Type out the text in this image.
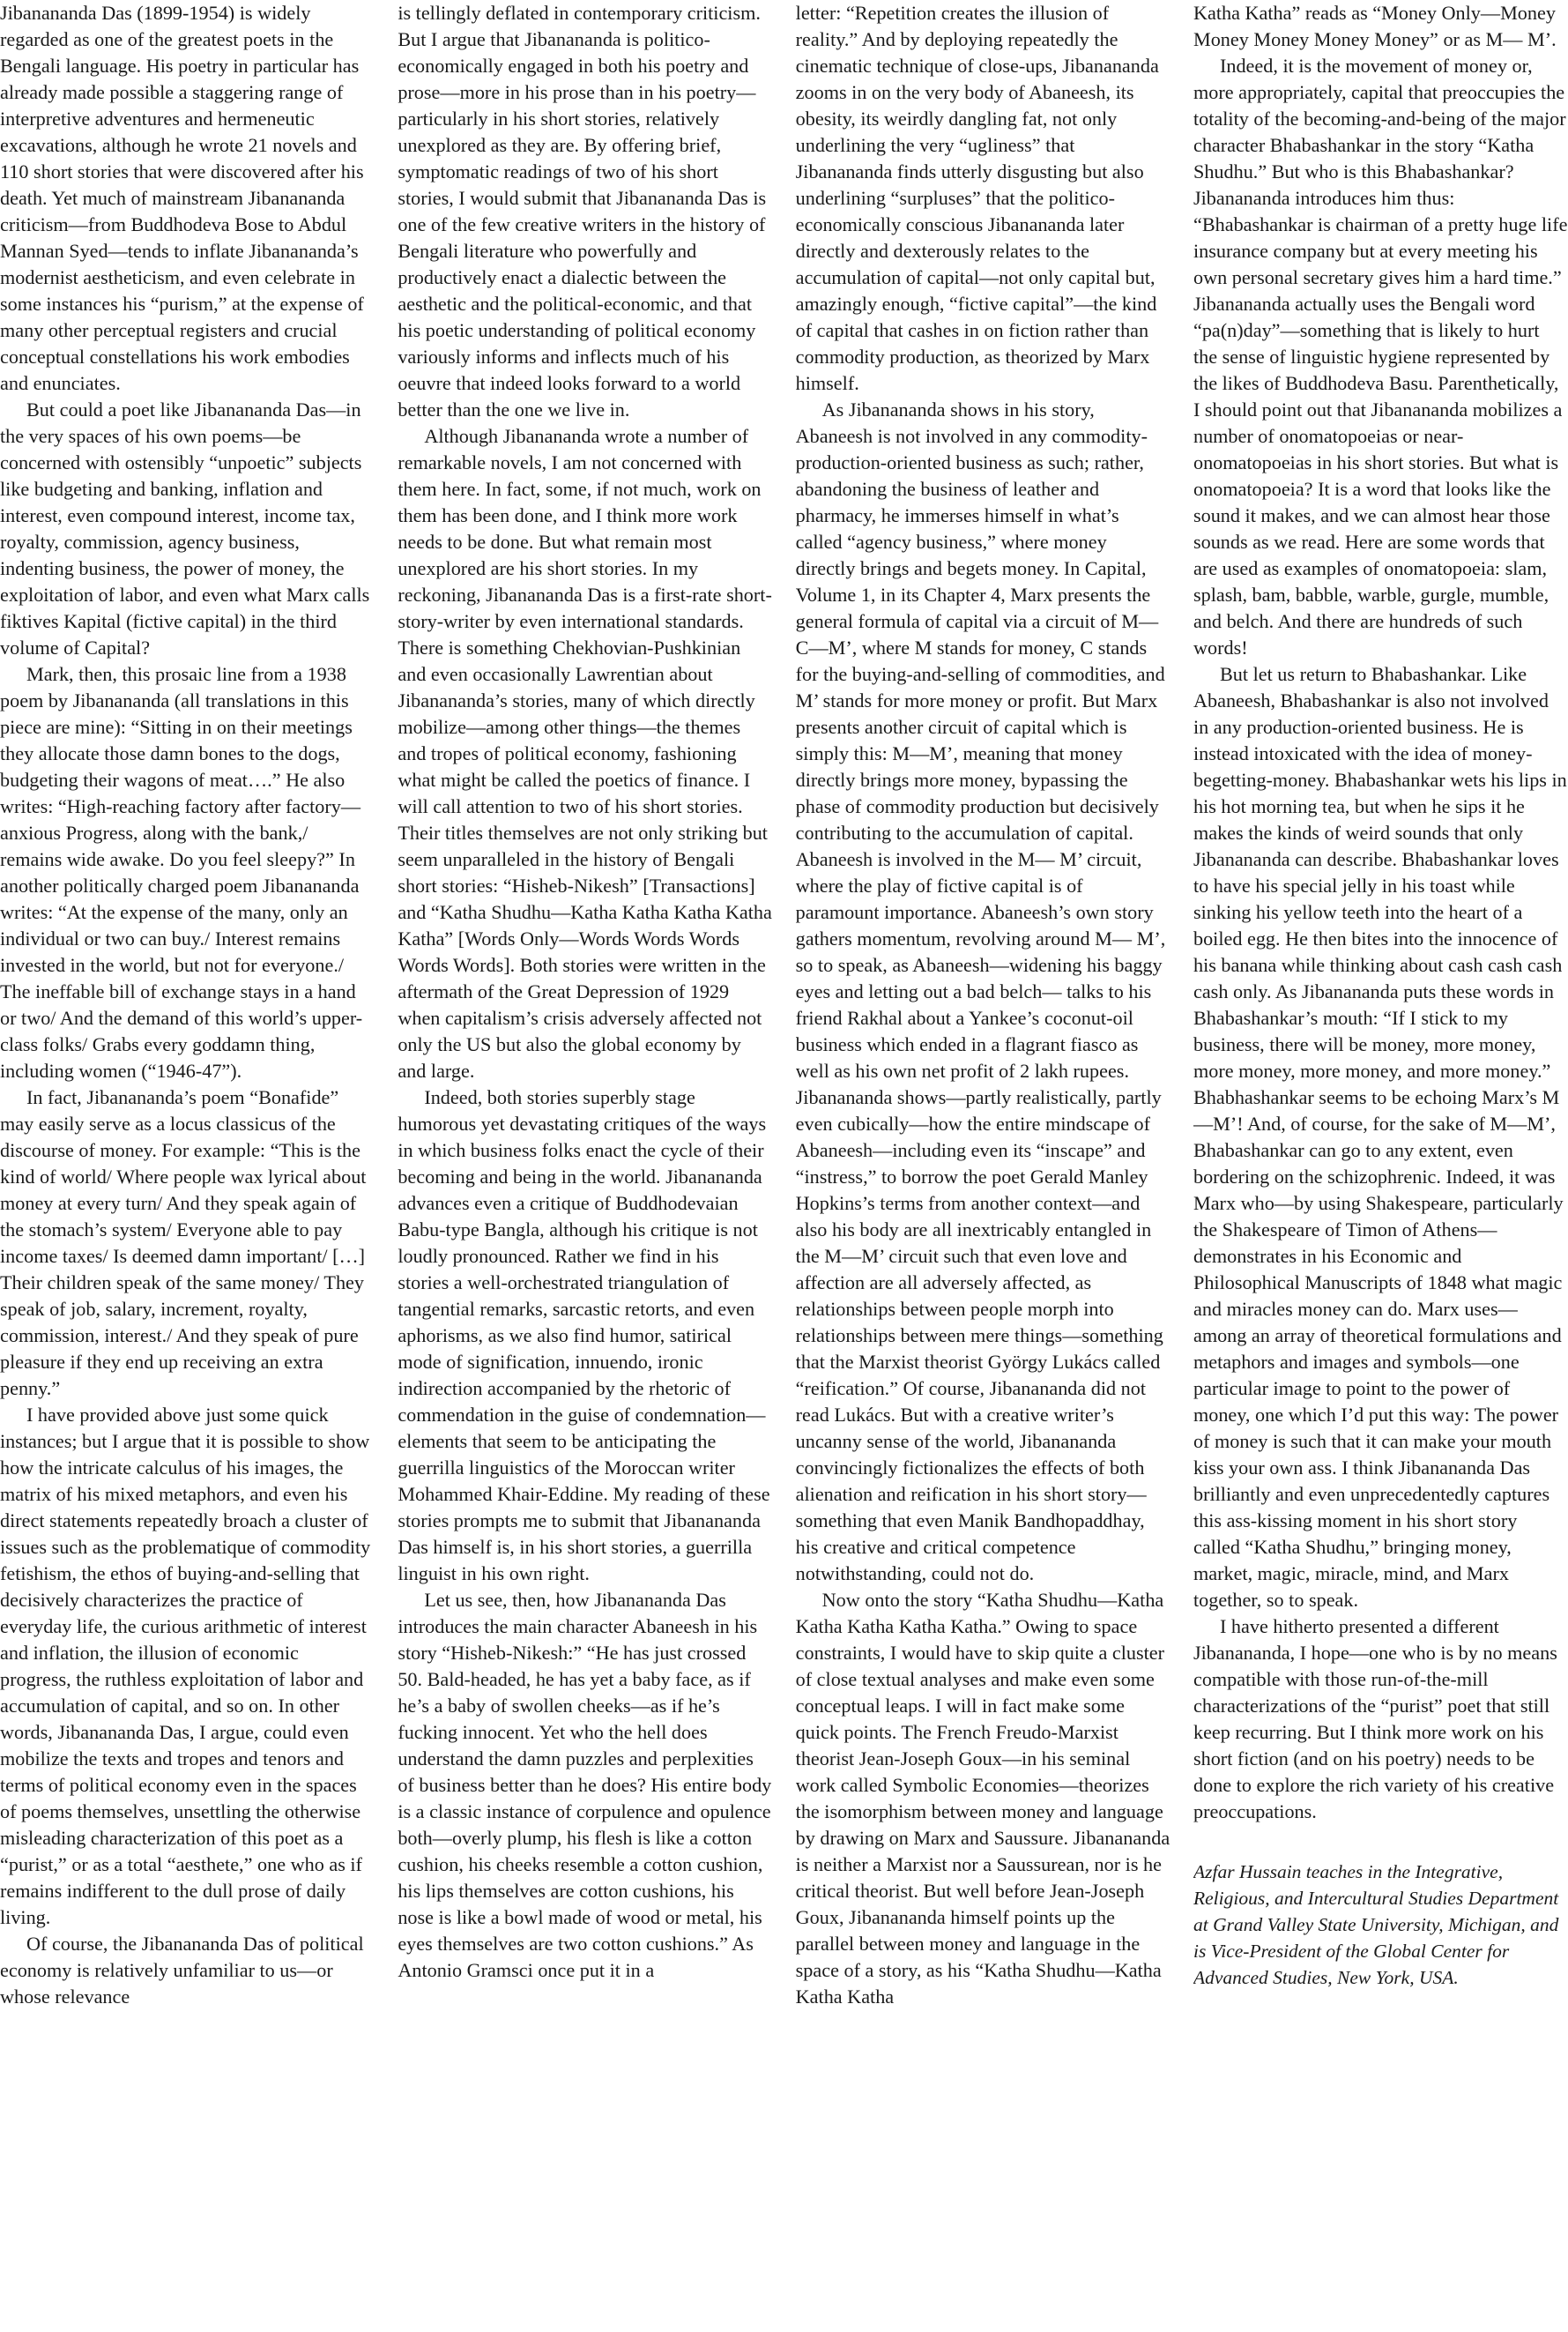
Jibanananda Das (1899-1954) is widely regarded as one of the greatest poets in the Bengali language. His poetry in particular has already made possible a staggering range of interpretive adventures and hermeneutic excavations, although he wrote 21 novels and 110 short stories that were discovered after his death. Yet much of mainstream Jibanananda criticism—from Buddhodeva Bose to Abdul Mannan Syed—tends to inflate Jibanananda’s modernist aestheticism, and even celebrate in some instances his “purism,” at the expense of many other perceptual registers and crucial conceptual constellations his work embodies and enunciates.

But could a poet like Jibanananda Das—in the very spaces of his own poems—be concerned with ostensibly “unpoetic” subjects like budgeting and banking, inflation and interest, even compound interest, income tax, royalty, commission, agency business, indenting business, the power of money, the exploitation of labor, and even what Marx calls fiktives Kapital (fictive capital) in the third volume of Capital?

Mark, then, this prosaic line from a 1938 poem by Jibanananda (all translations in this piece are mine): “Sitting in on their meetings they allocate those damn bones to the dogs, budgeting their wagons of meat….” He also writes: “High-reaching factory after factory—anxious Progress, along with the bank,/ remains wide awake. Do you feel sleepy?” In another politically charged poem Jibanananda writes: “At the expense of the many, only an individual or two can buy./ Interest remains invested in the world, but not for everyone./ The ineffable bill of exchange stays in a hand or two/ And the demand of this world’s upper-class folks/ Grabs every goddamn thing, including women (“1946-47”).

In fact, Jibanananda’s poem “Bonafide” may easily serve as a locus classicus of the discourse of money. For example: “This is the kind of world/ Where people wax lyrical about money at every turn/ And they speak again of the stomach’s system/ Everyone able to pay income taxes/ Is deemed damn important/ […] Their children speak of the same money/ They speak of job, salary, increment, royalty, commission, interest./ And they speak of pure pleasure if they end up receiving an extra penny.”

I have provided above just some quick instances; but I argue that it is possible to show how the intricate calculus of his images, the matrix of his mixed metaphors, and even his direct statements repeatedly broach a cluster of issues such as the problematique of commodity fetishism, the ethos of buying-and-selling that decisively characterizes the practice of everyday life, the curious arithmetic of interest and inflation, the illusion of economic progress, the ruthless exploitation of labor and accumulation of capital, and so on. In other words, Jibanananda Das, I argue, could even mobilize the texts and tropes and tenors and terms of political economy even in the spaces of poems themselves, unsettling the otherwise misleading characterization of this poet as a “purist,” or as a total “aesthete,” one who as if remains indifferent to the dull prose of daily living.

Of course, the Jibanananda Das of political economy is relatively unfamiliar to us—or whose relevance

is tellingly deflated in contemporary criticism. But I argue that Jibanananda is politico-economically engaged in both his poetry and prose—more in his prose than in his poetry—particularly in his short stories, relatively unexplored as they are. By offering brief, symptomatic readings of two of his short stories, I would submit that Jibanananda Das is one of the few creative writers in the history of Bengali literature who powerfully and productively enact a dialectic between the aesthetic and the political-economic, and that his poetic understanding of political economy variously informs and inflects much of his oeuvre that indeed looks forward to a world better than the one we live in.

Although Jibanananda wrote a number of remarkable novels, I am not concerned with them here. In fact, some, if not much, work on them has been done, and I think more work needs to be done. But what remain most unexplored are his short stories. In my reckoning, Jibanananda Das is a first-rate short-story-writer by even international standards. There is something Chekhovian-Pushkinian and even occasionally Lawrentian about Jibanananda’s stories, many of which directly mobilize—among other things—the themes and tropes of political economy, fashioning what might be called the poetics of finance. I will call attention to two of his short stories. Their titles themselves are not only striking but seem unparalleled in the history of Bengali short stories: “Hisheb-Nikesh” [Transactions] and “Katha Shudhu—Katha Katha Katha Katha Katha” [Words Only—Words Words Words Words Words]. Both stories were written in the aftermath of the Great Depression of 1929 when capitalism’s crisis adversely affected not only the US but also the global economy by and large.

Indeed, both stories superbly stage humorous yet devastating critiques of the ways in which business folks enact the cycle of their becoming and being in the world. Jibanananda advances even a critique of Buddhodevaian Babu-type Bangla, although his critique is not loudly pronounced. Rather we find in his stories a well-orchestrated triangulation of tangential remarks, sarcastic retorts, and even aphorisms, as we also find humor, satirical mode of signification, innuendo, ironic indirection accompanied by the rhetoric of commendation in the guise of condemnation—elements that seem to be anticipating the guerrilla linguistics of the Moroccan writer Mohammed Khair-Eddine. My reading of these stories prompts me to submit that Jibanananda Das himself is, in his short stories, a guerrilla linguist in his own right.

Let us see, then, how Jibanananda Das introduces the main character Abaneesh in his story “Hisheb-Nikesh:” “He has just crossed 50. Bald-headed, he has yet a baby face, as if he’s a baby of swollen cheeks—as if he’s fucking innocent. Yet who the hell does understand the damn puzzles and perplexities of business better than he does? His entire body is a classic instance of corpulence and opulence both—overly plump, his flesh is like a cotton cushion, his cheeks resemble a cotton cushion, his lips themselves are cotton cushions, his nose is like a bowl made of wood or metal, his eyes themselves are two cotton cushions.” As Antonio Gramsci once put it in a

letter: “Repetition creates the illusion of reality.” And by deploying repeatedly the cinematic technique of close-ups, Jibanananda zooms in on the very body of Abaneesh, its obesity, its weirdly dangling fat, not only underlining the very “ugliness” that Jibanananda finds utterly disgusting but also underlining “surpluses” that the politico-economically conscious Jibanananda later directly and dexterously relates to the accumulation of capital—not only capital but, amazingly enough, “fictive capital”—the kind of capital that cashes in on fiction rather than commodity production, as theorized by Marx himself.

As Jibanananda shows in his story, Abaneesh is not involved in any commodity-production-oriented business as such; rather, abandoning the business of leather and pharmacy, he immerses himself in what’s called “agency business,” where money directly brings and begets money. In Capital, Volume 1, in its Chapter 4, Marx presents the general formula of capital via a circuit of M—C—M’, where M stands for money, C stands for the buying-and-selling of commodities, and M’ stands for more money or profit. But Marx presents another circuit of capital which is simply this: M—M’, meaning that money directly brings more money, bypassing the phase of commodity production but decisively contributing to the accumulation of capital. Abaneesh is involved in the M— M’ circuit, where the play of fictive capital is of paramount importance. Abaneesh’s own story gathers momentum, revolving around M— M’, so to speak, as Abaneesh—widening his baggy eyes and letting out a bad belch— talks to his friend Rakhal about a Yankee’s coconut-oil business which ended in a flagrant fiasco as well as his own net profit of 2 lakh rupees. Jibanananda shows—partly realistically, partly even cubically—how the entire mindscape of Abaneesh—including even its “inscape” and “instress,” to borrow the poet Gerald Manley Hopkins’s terms from another context—and also his body are all inextricably entangled in the M—M’ circuit such that even love and affection are all adversely affected, as relationships between people morph into relationships between mere things—something that the Marxist theorist György Lukács called “reification.” Of course, Jibanananda did not read Lukács. But with a creative writer’s uncanny sense of the world, Jibanananda convincingly fictionalizes the effects of both alienation and reification in his short story—something that even Manik Bandhopaddhay, his creative and critical competence notwithstanding, could not do.

Now onto the story “Katha Shudhu—Katha Katha Katha Katha Katha.” Owing to space constraints, I would have to skip quite a cluster of close textual analyses and make even some conceptual leaps. I will in fact make some quick points. The French Freudo-Marxist theorist Jean-Joseph Goux—in his seminal work called Symbolic Economies—theorizes the isomorphism between money and language by drawing on Marx and Saussure. Jibanananda is neither a Marxist nor a Saussurean, nor is he critical theorist. But well before Jean-Joseph Goux, Jibanananda himself points up the parallel between money and language in the space of a story, as his “Katha Shudhu—Katha Katha Katha

Katha Katha” reads as “Money Only—Money Money Money Money Money” or as M— M’.

Indeed, it is the movement of money or, more appropriately, capital that preoccupies the totality of the becoming-and-being of the major character Bhabashankar in the story “Katha Shudhu.” But who is this Bhabashankar? Jibanananda introduces him thus: “Bhabashankar is chairman of a pretty huge life insurance company but at every meeting his own personal secretary gives him a hard time.” Jibanananda actually uses the Bengali word “pa(n)day”—something that is likely to hurt the sense of linguistic hygiene represented by the likes of Buddhodeva Basu. Parenthetically, I should point out that Jibanananda mobilizes a number of onomatopoeias or near-onomatopoeias in his short stories. But what is onomatopoeia? It is a word that looks like the sound it makes, and we can almost hear those sounds as we read. Here are some words that are used as examples of onomatopoeia: slam, splash, bam, babble, warble, gurgle, mumble, and belch. And there are hundreds of such words!

But let us return to Bhabashankar. Like Abaneesh, Bhabashankar is also not involved in any production-oriented business. He is instead intoxicated with the idea of money-begetting-money. Bhabashankar wets his lips in his hot morning tea, but when he sips it he makes the kinds of weird sounds that only Jibanananda can describe. Bhabashankar loves to have his special jelly in his toast while sinking his yellow teeth into the heart of a boiled egg. He then bites into the innocence of his banana while thinking about cash cash cash cash only. As Jibanananda puts these words in Bhabashankar’s mouth: “If I stick to my business, there will be money, more money, more money, more money, and more money.” Bhabhashankar seems to be echoing Marx’s M—M’! And, of course, for the sake of M—M’, Bhabashankar can go to any extent, even bordering on the schizophrenic. Indeed, it was Marx who—by using Shakespeare, particularly the Shakespeare of Timon of Athens—demonstrates in his Economic and Philosophical Manuscripts of 1848 what magic and miracles money can do. Marx uses—among an array of theoretical formulations and metaphors and images and symbols—one particular image to point to the power of money, one which I’d put this way: The power of money is such that it can make your mouth kiss your own ass. I think Jibanananda Das brilliantly and even unprecedentedly captures this ass-kissing moment in his short story called “Katha Shudhu,” bringing money, market, magic, miracle, mind, and Marx together, so to speak.

I have hitherto presented a different Jibanananda, I hope—one who is by no means compatible with those run-of-the-mill characterizations of the “purist” poet that still keep recurring. But I think more work on his short fiction (and on his poetry) needs to be done to explore the rich variety of his creative preoccupations.

Azfar Hussain teaches in the Integrative, Religious, and Intercultural Studies Department at Grand Valley State University, Michigan, and is Vice-President of the Global Center for Advanced Studies, New York, USA.
